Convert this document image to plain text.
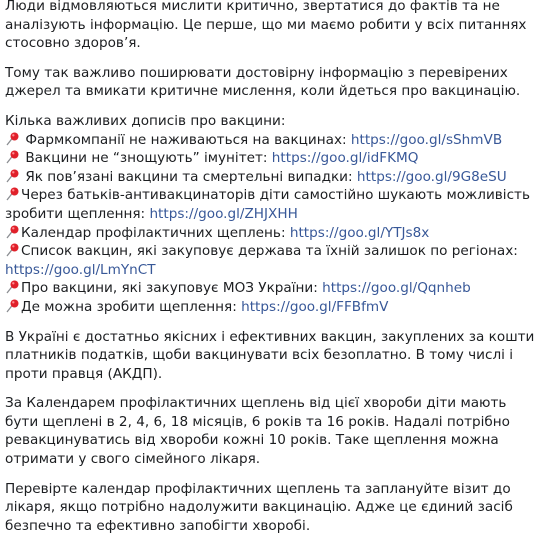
Люди відмовляються мислити критично, звертатися до фактів та не
аналізують інформацію. Це перше, що ми маємо робити у всіх питаннях
стосовно здоров’я.
Тому так важливо поширювати достовірну інформацію з перевірених
джерел та вмикати критичне мислення, коли йдеться про вакцинацію.
Кілька важливих дописів про вакцини:
Фармкомпанії не наживаються на вакцинах: https://goo.gl/sShmVB
Вакцини не “знощують” імунітет: https://goo.gl/idFKMQ
Як пов’язані вакцини та смертельні випадки: https://goo.gl/9G8eSU
Через батьків-антивакцинаторів діти самостійно шукають можливість
зробити щеплення: https://goo.gl/ZHJXHH
Календар профілактичних щеплень: https://goo.gl/YTJs8x
Список вакцин, які закуповує держава та їхній залишок по регіонах:
https://goo.gl/LmYnCT
Про вакцини, які закуповує МОЗ України: https://goo.gl/Qqnheb
Де можна зробити щеплення: https://goo.gl/FFBfmV
В Україні є достатньо якісних і ефективних вакцин, закуплених за кошти
платників податків, щоби вакцинувати всіх безоплатно. В тому числі і
проти правця (АКДП).
За Календарем профілактичних щеплень від цієї хвороби діти мають
бути щеплені в 2, 4, 6, 18 місяців, 6 років та 16 років. Надалі потрібно
ревакцинуватись від хвороби кожні 10 років. Таке щеплення можна
отримати у свого сімейного лікаря.
Перевірте календар профілактичних щеплень та заплануйте візит до
лікаря, якщо потрібно надолужити вакцинацію. Адже це єдиний засіб
безпечно та ефективно запобігти хворобі.
